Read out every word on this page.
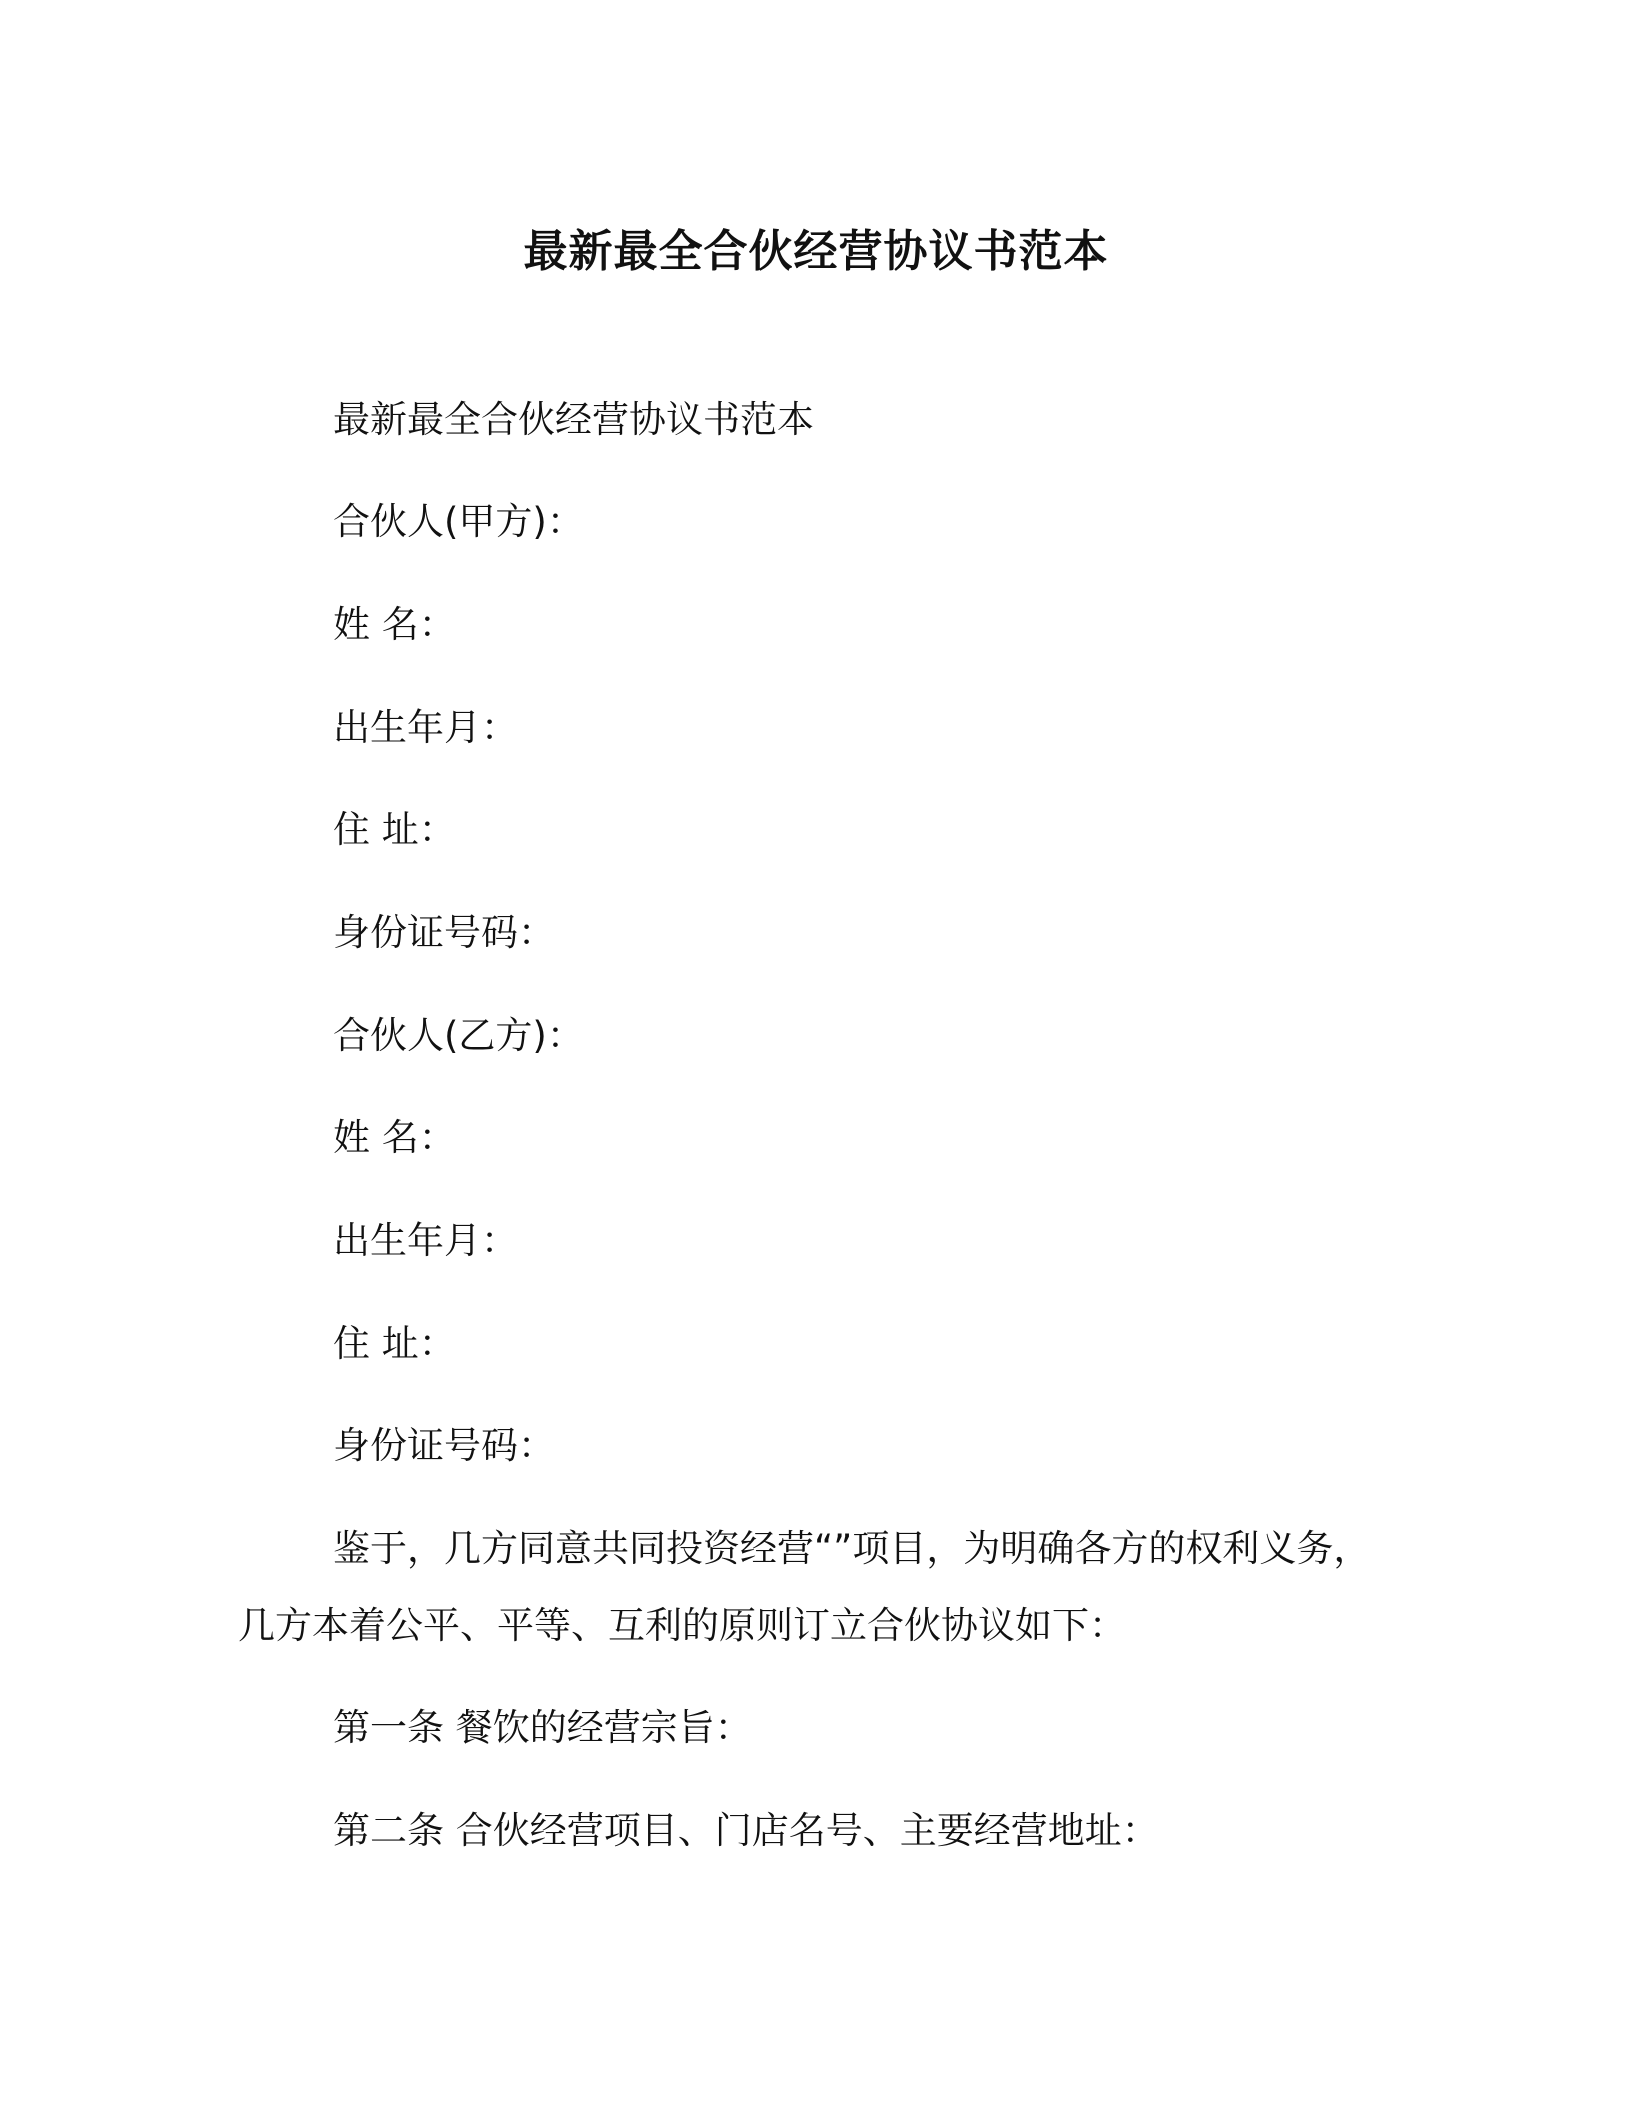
最新最全合伙经营协议书范本
最新最全合伙经营协议书范本
合伙人(甲方)：
姓 名：
出生年月：
住 址：
身份证号码：
合伙人(乙方)：
姓 名：
出生年月：
住 址：
身份证号码：
鉴于，几方同意共同投资经营“”项目，为明确各方的权利义务，
几方本着公平、平等、互利的原则订立合伙协议如下：
第一条 餐饮的经营宗旨：
第二条 合伙经营项目、门店名号、主要经营地址：
